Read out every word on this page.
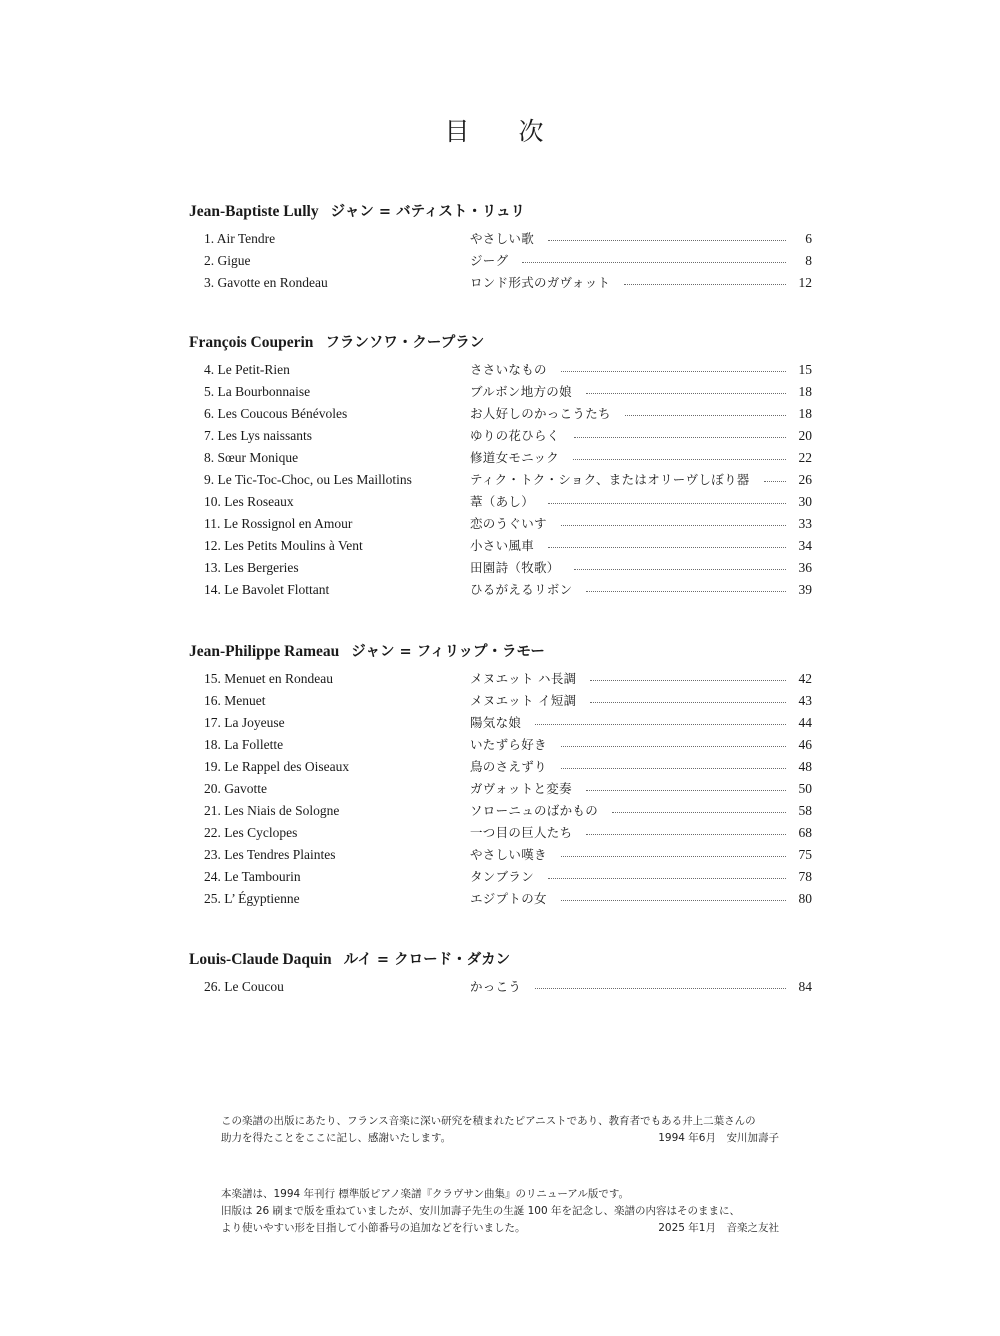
目　次
Jean-Baptiste Lully ジャン = バティスト・リュリ
1. Air Tendre	やさしい歌	6
2. Gigue	ジーグ	8
3. Gavotte en Rondeau	ロンド形式のガヴォット	12
François Couperin フランソワ・クープラン
4. Le Petit-Rien	ささいなもの	15
5. La Bourbonnaise	ブルボン地方の娘	18
6. Les Coucous Bénévoles	お人好しのかっこうたち	18
7. Les Lys naissants	ゆりの花ひらく	20
8. Sœur Monique	修道女モニック	22
9. Le Tic-Toc-Choc, ou Les Maillotins	ティク・トク・ショク、またはオリーヴしぼり器	26
10. Les Roseaux	葦（あし）	30
11. Le Rossignol en Amour	恋のうぐいす	33
12. Les Petits Moulins à Vent	小さい風車	34
13. Les Bergeries	田園詩（牧歌）	36
14. Le Bavolet Flottant	ひるがえるリボン	39
Jean-Philippe Rameau ジャン = フィリップ・ラモー
15. Menuet en Rondeau	メヌエット ハ長調	42
16. Menuet	メヌエット イ短調	43
17. La Joyeuse	陽気な娘	44
18. La Follette	いたずら好き	46
19. Le Rappel des Oiseaux	鳥のさえずり	48
20. Gavotte	ガヴォットと変奏	50
21. Les Niais de Sologne	ソローニュのばかもの	58
22. Les Cyclopes	一つ目の巨人たち	68
23. Les Tendres Plaintes	やさしい嘆き	75
24. Le Tambourin	タンブラン	78
25. L’ Égyptienne	エジプトの女	80
Louis-Claude Daquin ルイ = クロード・ダカン
26. Le Coucou	かっこう	84
この楽譜の出版にあたり、フランス音楽に深い研究を積まれたピアニストであり、教育者でもある井上二葉さんの
助力を得たことをここに記し、感謝いたします。	1994 年6月　安川加壽子
本楽譜は、1994 年刊行 標準版ピアノ楽譜『クラヴサン曲集』のリニューアル版です。
旧版は 26 刷まで版を重ねていましたが、安川加壽子先生の生誕 100 年を記念し、楽譜の内容はそのままに、
より使いやすい形を目指して小節番号の追加などを行いました。	2025 年1月　音楽之友社
